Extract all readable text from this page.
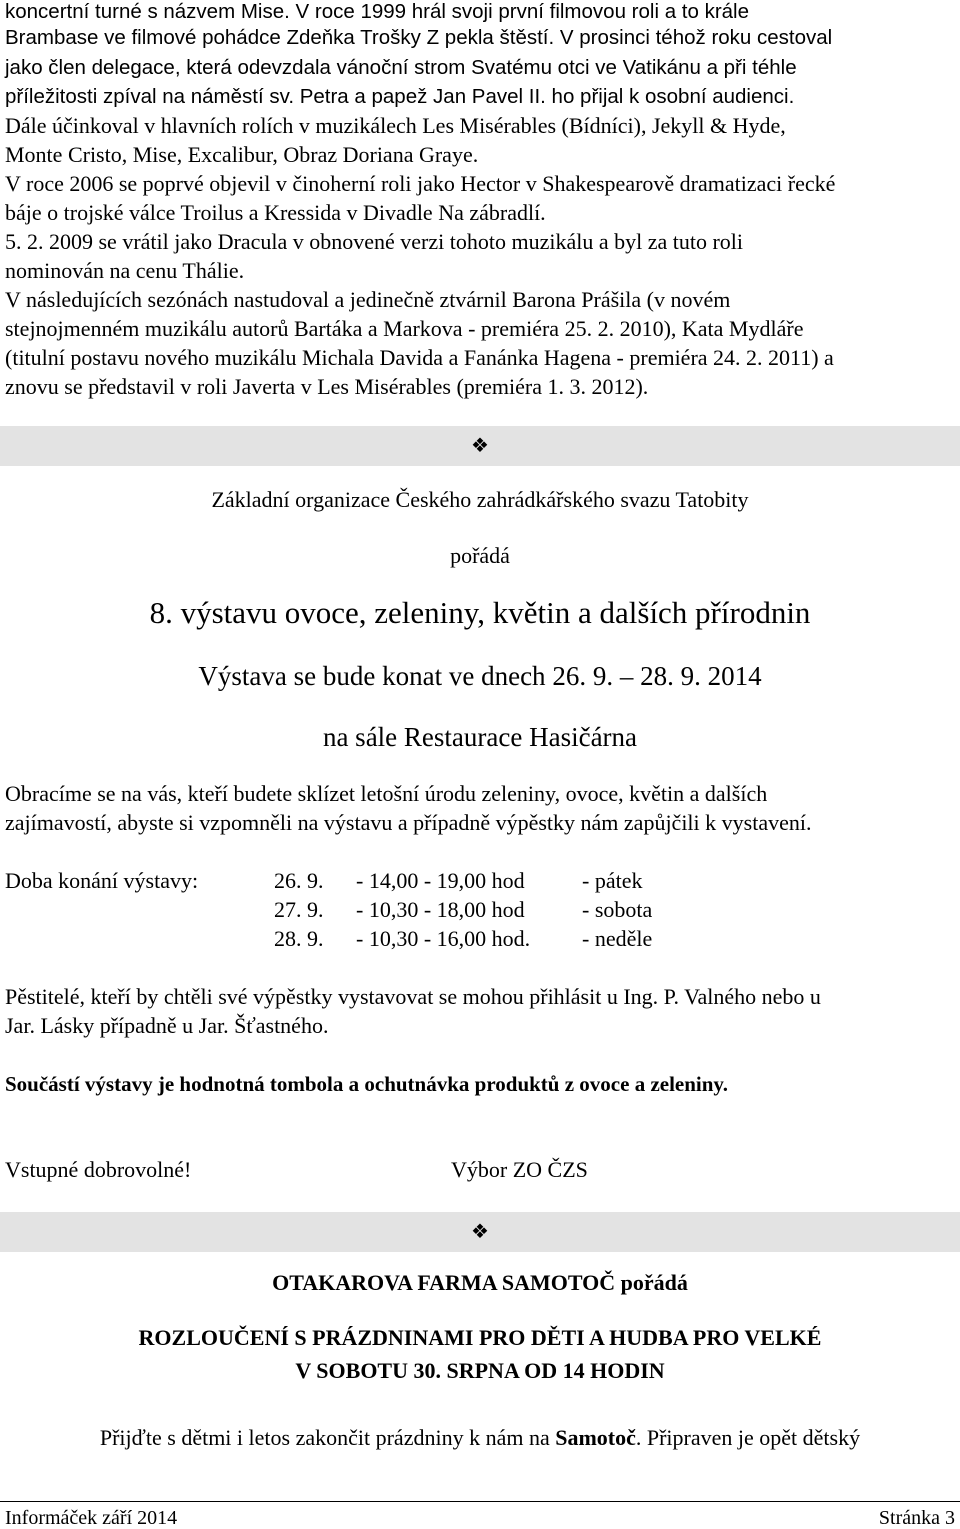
koncertní turné s názvem Mise. V roce 1999 hrál svoji první filmovou roli a to krále
Brambase ve filmové pohádce Zdeňka Trošky Z pekla štěstí. V prosinci téhož roku cestoval
jako člen delegace, která odevzdala vánoční strom Svatému otci ve Vatikánu a při téhle
příležitosti zpíval na náměstí sv. Petra a papež Jan Pavel II. ho přijal k osobní audienci.
Dále účinkoval v hlavních rolích v muzikálech Les Misérables (Bídníci), Jekyll & Hyde,
Monte Cristo, Mise, Excalibur, Obraz Doriana Graye.
V roce 2006 se poprvé objevil v činoherní roli jako Hector v Shakespearově dramatizaci řecké
báje o trojské válce Troilus a Kressida v Divadle Na zábradlí.
5. 2. 2009 se vrátil jako Dracula v obnovené verzi tohoto muzikálu a byl za tuto roli
nominován na cenu Thálie.
V následujících sezónách nastudoval a jedinečně ztvárnil Barona Prášila (v novém
stejnojmenném muzikálu autorů Bartáka a Markova - premiéra 25. 2. 2010), Kata Mydláře
(titulní postavu nového muzikálu Michala Davida a Fanánka Hagena - premiéra 24. 2. 2011) a
znovu se představil v roli Javerta v Les Misérables (premiéra 1. 3. 2012).
❖
Základní organizace Českého zahrádkářského svazu Tatobity
pořádá
8. výstavu ovoce, zeleniny, květin a dalších přírodnin
Výstava se bude konat ve dnech 26. 9. – 28. 9. 2014
na sále Restaurace Hasičárna
Obracíme se na vás, kteří budete sklízet letošní úrodu zeleniny, ovoce, květin a dalších
zajímavostí, abyste si vzpomněli na výstavu a případně výpěstky nám zapůjčili k vystavení.
Doba konání výstavy:	26. 9. - 14,00 - 19,00 hod	- pátek
27. 9. - 10,30 - 18,00 hod	- sobota
28. 9. - 10,30 - 16,00 hod. - neděle
Pěstitelé, kteří by chtěli své výpěstky vystavovat se mohou přihlásit u Ing. P. Valného nebo u
Jar. Lásky případně u Jar. Šťastného.
Součástí výstavy je hodnotná tombola a ochutnávka produktů z ovoce a zeleniny.
Vstupné dobrovolné!	Výbor ZO ČZS
❖
OTAKAROVA FARMA SAMOTOČ pořádá
ROZLOUČENÍ S PRÁZDNINAMI PRO DĚTI A HUDBA PRO VELKÉ
V SOBOTU 30. SRPNA OD 14 HODIN
Přijďte s dětmi i letos zakončit prázdniny k nám na Samotoč. Připraven je opět dětský
Informáček září 2014	Stránka 3
